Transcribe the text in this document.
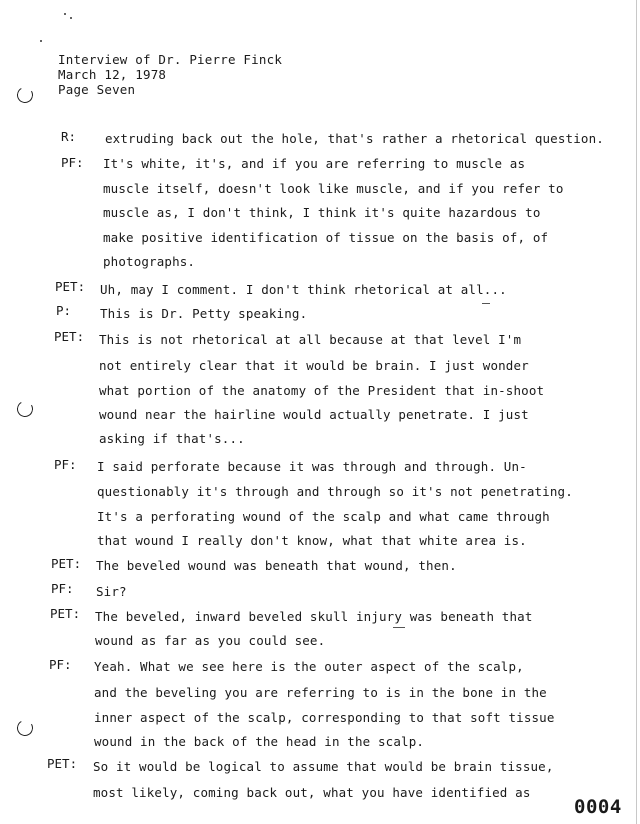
Interview of Dr. Pierre Finck
March 12, 1978
Page Seven
R: extruding back out the hole, that's rather a rhetorical question.
PF: It's white, it's, and if you are referring to muscle as
muscle itself, doesn't look like muscle, and if you refer to
muscle as, I don't think, I think it's quite hazardous to
make positive identification of tissue on the basis of, of
photographs.
PET: Uh, may I comment. I don't think rhetorical at all...
P: This is Dr. Petty speaking.
PET: This is not rhetorical at all because at that level I'm
not entirely clear that it would be brain. I just wonder
what portion of the anatomy of the President that in-shoot
wound near the hairline would actually penetrate. I just
asking if that's...
PF: I said perforate because it was through and through. Un-
questionably it's through and through so it's not penetrating.
It's a perforating wound of the scalp and what came through
that wound I really don't know, what that white area is.
PET: The beveled wound was beneath that wound, then.
PF: Sir?
PET: The beveled, inward beveled skull injury was beneath that
wound as far as you could see.
PF: Yeah. What we see here is the outer aspect of the scalp,
and the beveling you are referring to is in the bone in the
inner aspect of the scalp, corresponding to that soft tissue
wound in the back of the head in the scalp.
PET: So it would be logical to assume that would be brain tissue,
most likely, coming back out, what you have identified as
0004
